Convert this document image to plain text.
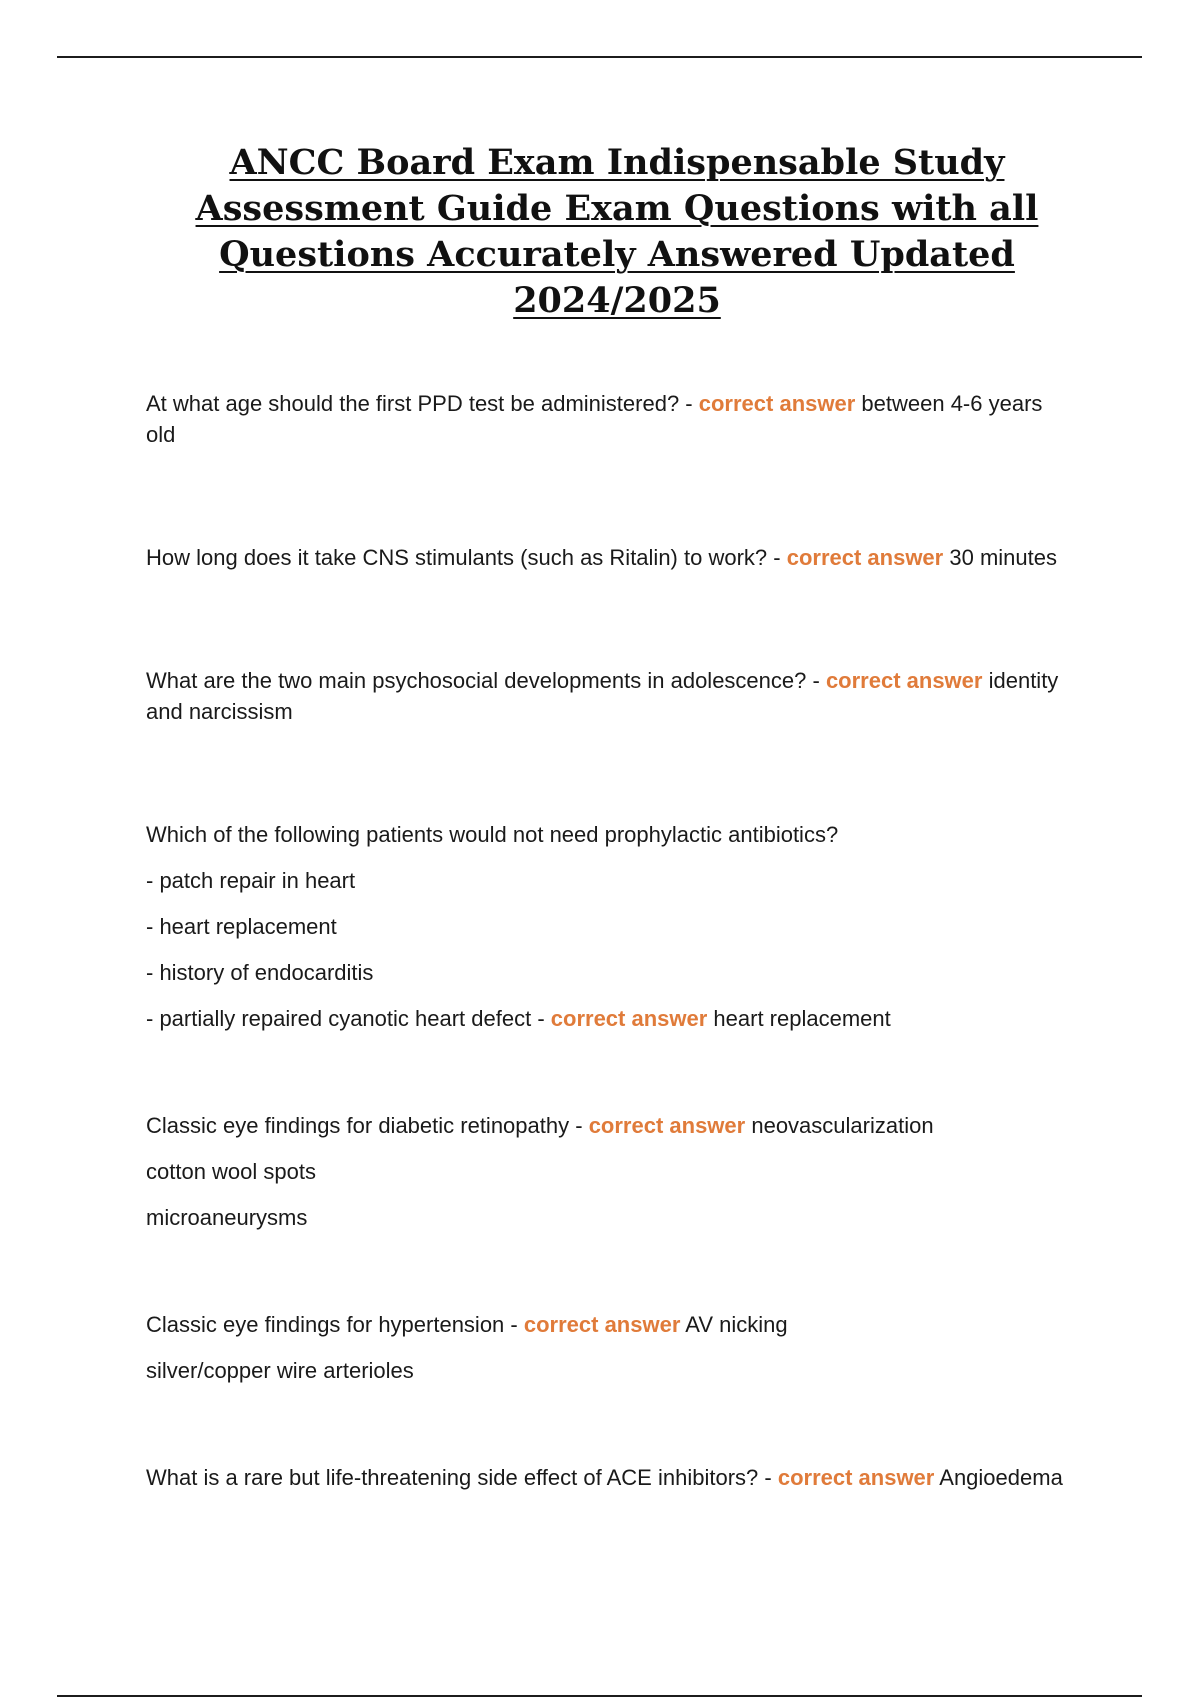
ANCC Board Exam Indispensable Study Assessment Guide Exam Questions with all Questions Accurately Answered Updated 2024/2025

At what age should the first PPD test be administered? - correct answer between 4-6 years old

How long does it take CNS stimulants (such as Ritalin) to work? - correct answer 30 minutes

What are the two main psychosocial developments in adolescence? - correct answer identity and narcissism

Which of the following patients would not need prophylactic antibiotics?

- patch repair in heart

- heart replacement

- history of endocarditis

- partially repaired cyanotic heart defect - correct answer heart replacement

Classic eye findings for diabetic retinopathy - correct answer neovascularization

cotton wool spots

microaneurysms

Classic eye findings for hypertension - correct answer AV nicking

silver/copper wire arterioles

What is a rare but life-threatening side effect of ACE inhibitors? - correct answer Angioedema
